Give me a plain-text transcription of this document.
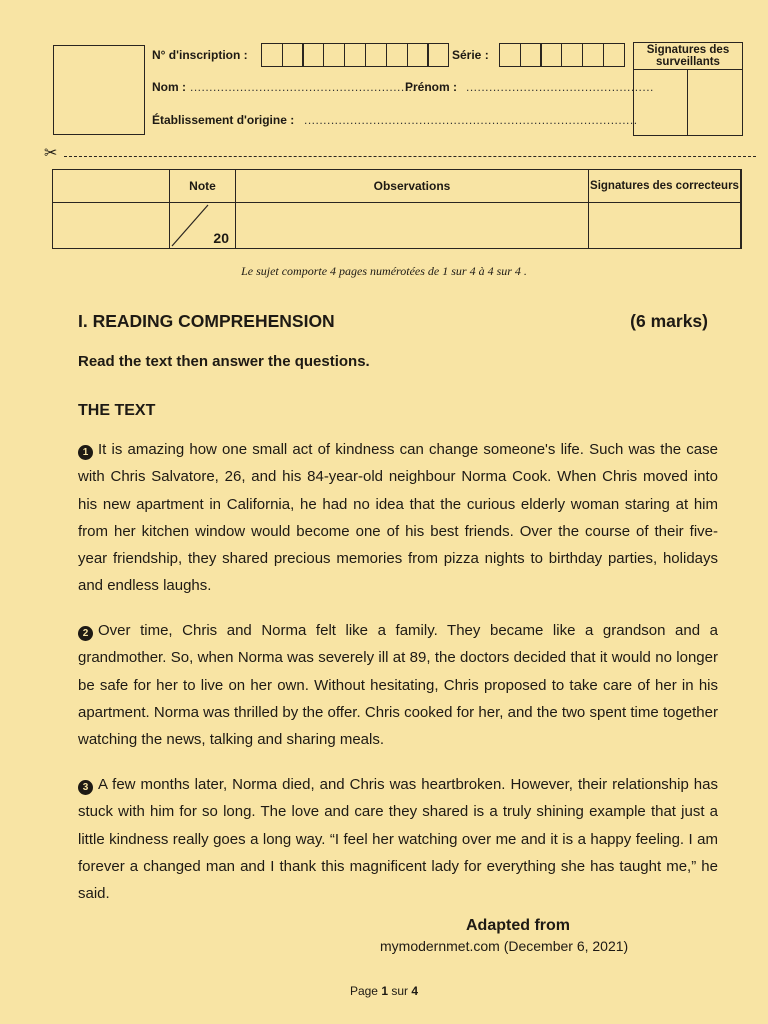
N° d'inscription :	Série :
Nom : ...........................................................
Prénom : .................................................
Établissement d'origine : .......................................................................................
Signatures des surveillants
✂
	Note	Observations	Signatures des correcteurs	

	20			

Le sujet comporte 4 pages numérotées de 1 sur 4 à 4 sur 4 .
I. READING COMPREHENSION	(6 marks)
Read the text then answer the questions.
THE TEXT
1 It is amazing how one small act of kindness can change someone's life. Such was the case with Chris Salvatore, 26, and his 84-year-old neighbour Norma Cook. When Chris moved into his new apartment in California, he had no idea that the curious elderly woman staring at him from her kitchen window would become one of his best friends. Over the course of their five-year friendship, they shared precious memories from pizza nights to birthday parties, holidays and endless laughs.
2 Over time, Chris and Norma felt like a family. They became like a grandson and a grandmother. So, when Norma was severely ill at 89, the doctors decided that it would no longer be safe for her to live on her own. Without hesitating, Chris proposed to take care of her in his apartment. Norma was thrilled by the offer. Chris cooked for her, and the two spent time together watching the news, talking and sharing meals.
3 A few months later, Norma died, and Chris was heartbroken. However, their relationship has stuck with him for so long. The love and care they shared is a truly shining example that just a little kindness really goes a long way. “I feel her watching over me and it is a happy feeling. I am forever a changed man and I thank this magnificent lady for everything she has taught me,” he said.
Adapted from
mymodernmet.com (December 6, 2021)
Page 1 sur 4
